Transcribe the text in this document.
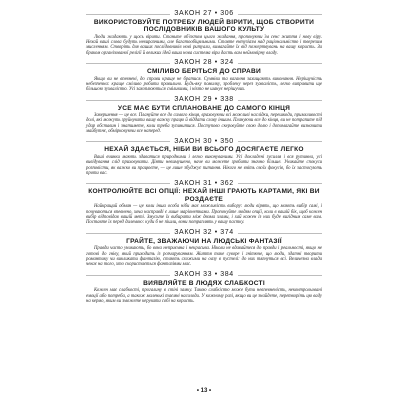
ЗАКОН 27 • 306
ВИКОРИСТОВУЙТЕ ПОТРЕБУ ЛЮДЕЙ ВІРИТИ, ЩОБ СТВОРИТИ ПОСЛІДОВНИКІВ ВАШОГО КУЛЬТУ

Люди жадають у щось вірити. Станьте об'єктом цього жадання, пропонуючи їм сенс життя і нову віру. Нехай ваші слова будуть невиразними, але багатообіцяльними. Ставте ентузіазм над раціональністю і тверезим мисленням. Створіть для ваших послідовників нові ритуали, вимагайте їх від пожертвувань на вашу користь. За браком організованої релігії й великих ідей ваша нова система віри дасть вам неймовірну владу.

ЗАКОН 28 • 324
СМІЛИВО БЕРІТЬСЯ ДО СПРАВИ

Якщо ви не впевнені, до справи краще не братися. Сумніви та вагання захищають виконання. Нерішучість небезпечна: краще сміливо робити правильно. Будь-яку помилку, зроблену через зухвалість, легко виправити ще більшою зухвалістю. Усі захоплюються сміливими, і ніхто не шанує нерішучих.

ЗАКОН 29 • 338
УСЕ МАЄ БУТИ СПЛАНОВАНЕ ДО САМОГО КІНЦЯ

Завершення — це все. Плануйте все до самого кінця, враховуючи всі можливі наслідки, перешкоди, примхливості долі, які можуть зруйнувати вашу важку працю й віддати славу іншим. Плануючи все до кінця, ви не потрапите під удар обставин і знатимете, коли треба зупинитися. Поступово скеровуйте свою долю і допомагайте визначити майбутнє, обмірковуючи все наперед.

ЗАКОН 30 • 350
НЕХАЙ ЗДАЄТЬСЯ, НІБИ ВИ ВСЬОГО ДОСЯГАЄТЕ ЛЕГКО

Ваші вчинки мають здаватися природними і легко виконуваними. Усі докладені зусилля і вся рутинна, усі вивідування слід приховувати. Діяти невимушено, наче ви можете зробити значно більше. Уникайте спокуси розповісти, як важко ви працюєте, — це лише збуджує питання. Нікого не вчіть своїх фокусів, бо їх застосують проти вас.

ЗАКОН 31 • 362
КОНТРОЛЮЙТЕ ВСІ ОПЦІЇ: НЕХАЙ ІНШІ ГРАЮТЬ КАРТАМИ, ЯКІ ВИ РОЗДАЄТЕ

Найкращий обман — це коли інша особа ніби має можливість вибору: люди вірять, що мають вибір самі, і почуваються впевнено, хоча насправді є лише маріонетками. Пропонуйте людям опції, коли в вашій бік, щоб кожен вибір відповідав вашій меті. Змусьте їх вибирати між двома злами, і хай кожен із них буде вигідним саме вам. Поставте їх перед дилемою: куди б не пішли, вони потраплять у вашу пастку.

ЗАКОН 32 • 374
ГРАЙТЕ, ЗВАЖАЮЧИ НА ЛЮДСЬКІ ФАНТАЗІЇ

Правди часто уникають, бо вона неприємна і некрасива. Ніколи не вдавайтеся до правди і реальності, якщо не готові до гніву, який приходить із розчаруванням. Життя таке суворе і гнітюче, що люди, здатні творити романтику чи викликати фантазію, стають схожими на оазу в пустелі: до них тягнуться всі. Величезна влада чекає на того, хто скористається фантазіями мас.

ЗАКОН 33 • 384
ВИЯВЛЯЙТЕ В ЛЮДЯХ СЛАБКОСТІ

Кожен має слабкості, прогалину в стіні замку. Такою слабкістю може бути невпевненість, неконтрольовані емоції або потреба, а також маленькі таємні насолоди. У кожному разі, якщо ви це знайдете, перетворіть цю ваду на кермо, яким ви зможете керувати собі на користь.

• 13 •
